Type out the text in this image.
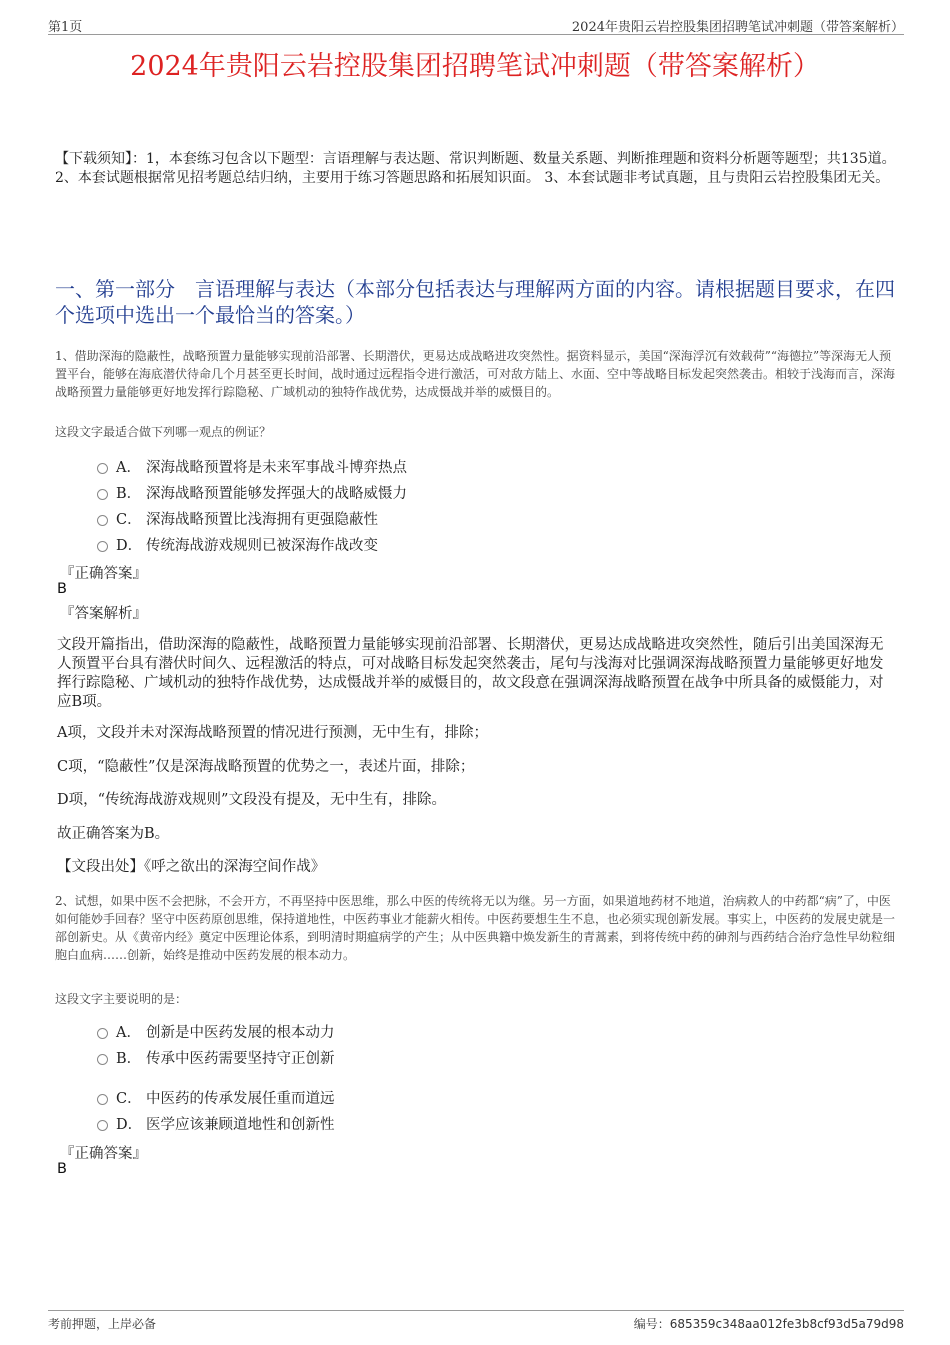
第1页	2024年贵阳云岩控股集团招聘笔试冲刺题（带答案解析）
2024年贵阳云岩控股集团招聘笔试冲刺题（带答案解析）
【下载须知】：1，本套练习包含以下题型：言语理解与表达题、常识判断题、数量关系题、判断推理题和资料分析题等题型；共135道。 2、本套试题根据常见招考题总结归纳，主要用于练习答题思路和拓展知识面。 3、本套试题非考试真题，且与贵阳云岩控股集团无关。
一、第一部分　言语理解与表达（本部分包括表达与理解两方面的内容。请根据题目要求，在四个选项中选出一个最恰当的答案。）
1、借助深海的隐蔽性，战略预置力量能够实现前沿部署、长期潜伏，更易达成战略进攻突然性。据资料显示，美国“深海浮沉有效载荷”“海德拉”等深海无人预置平台，能够在海底潜伏待命几个月甚至更长时间，战时通过远程指令进行激活，可对敌方陆上、水面、空中等战略目标发起突然袭击。相较于浅海而言，深海战略预置力量能够更好地发挥行踪隐秘、广域机动的独特作战优势，达成慑战并举的威慑目的。
这段文字最适合做下列哪一观点的例证？
A． 深海战略预置将是未来军事战斗博弈热点
B． 深海战略预置能够发挥强大的战略威慑力
C． 深海战略预置比浅海拥有更强隐蔽性
D． 传统海战游戏规则已被深海作战改变
『正确答案』
B
『答案解析』
文段开篇指出，借助深海的隐蔽性，战略预置力量能够实现前沿部署、长期潜伏，更易达成战略进攻突然性，随后引出美国深海无人预置平台具有潜伏时间久、远程激活的特点，可对战略目标发起突然袭击，尾句与浅海对比强调深海战略预置力量能够更好地发挥行踪隐秘、广域机动的独特作战优势，达成慑战并举的威慑目的，故文段意在强调深海战略预置在战争中所具备的威慑能力，对应B项。
A项，文段并未对深海战略预置的情况进行预测，无中生有，排除；
C项，“隐蔽性”仅是深海战略预置的优势之一，表述片面，排除；
D项，“传统海战游戏规则”文段没有提及，无中生有，排除。
故正确答案为B。
【文段出处】《呼之欲出的深海空间作战》
2、试想，如果中医不会把脉，不会开方，不再坚持中医思维，那么中医的传统将无以为继。另一方面，如果道地药材不地道，治病救人的中药都“病”了，中医如何能妙手回春？坚守中医药原创思维，保持道地性，中医药事业才能薪火相传。中医药要想生生不息，也必须实现创新发展。事实上，中医药的发展史就是一部创新史。从《黄帝内经》奠定中医理论体系，到明清时期瘟病学的产生；从中医典籍中焕发新生的青蒿素，到将传统中药的砷剂与西药结合治疗急性早幼粒细胞白血病……创新，始终是推动中医药发展的根本动力。
这段文字主要说明的是：
A． 创新是中医药发展的根本动力
B． 传承中医药需要坚持守正创新
C． 中医药的传承发展任重而道远
D． 医学应该兼顾道地性和创新性
『正确答案』
B
考前押题，上岸必备	编号：685359c348aa012fe3b8cf93d5a79d98
